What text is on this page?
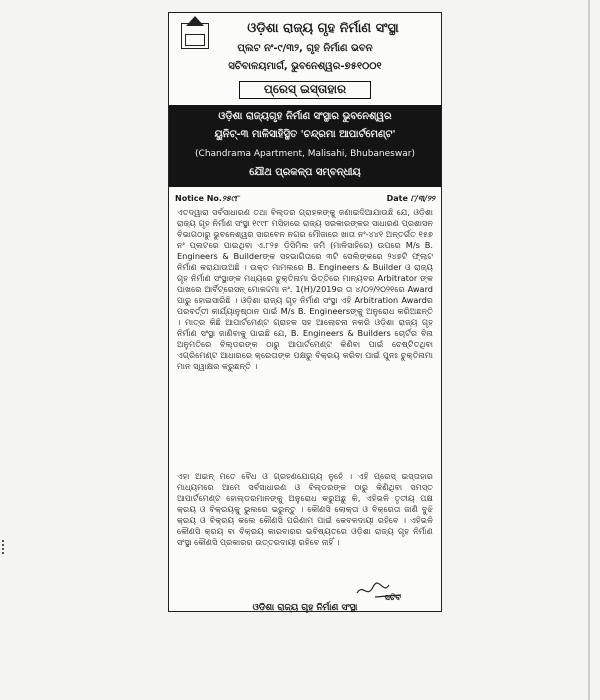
ଓଡ଼ିଶା ରାଜ୍ୟ ଗୃହ ନିର୍ମାଣ ସଂସ୍ଥା
ପ୍ଲଟ ନଂ-୯/୩୨, ଗୃହ ନିର୍ମାଣ ଭବନ
ସଚିବାଳୟମାର୍ଗ, ଭୁବନେଶ୍ୱର-୭୫୧୦୦୧
ପ୍ରେସ୍ ଇସ୍ତାହାର
ଓଡ଼ିଶା ରାଜ୍ୟଗୃହ ନିର୍ମାଣ ସଂସ୍ଥାର ଭୁବନେଶ୍ୱର
ୟୁନିଟ୍-୩ ମାଳିସାହିସ୍ଥିତ 'ଚନ୍ଦ୍ରମା ଆପାର୍ଟମେଣ୍ଟ'
(Chandrama Apartment, Malisahi, Bhubaneswar)
ଯୌଥ ପ୍ରକଳ୍ପ ସମ୍ବନ୍ଧୀୟ
Notice No.୨୫୯୮	Date ୮/୩/୨୨
ଏତଦ୍ୱାରା ସର୍ବସାଧାରଣ ତଥା ବିଲ୍ଡର ଗ୍ରାହକଙ୍କୁ ଜଣାଇଦିଆଯାଉଛି ଯେ, ଓଡ଼ିଶା ରାଜ୍ୟ ଗୃହ ନିର୍ମାଣ ସଂସ୍ଥା ୧୯୯୮ ମସିହାରେ ରାଜ୍ୟ ସରକାରଙ୍କର ସାଧାରଣ ପ୍ରଶାସନ ବିଭାଗଠାରୁ ଭୁବନେଶ୍ୱର ସାରବେନ ନଗର ମୌଜାରେ ଖାତା ନଂ-୪୪୧ ଅନ୍ତର୍ଗତ ୧୫୭ ନଂ ପ୍ଲଟରେ ପାଇଥିବା ଏ.୮୨୫ ଡ଼ିସିମିଲ ଜମି (ମାଳିସାହିରେ) ଉପରେ M/s B. Engineers & Builderଙ୍କ ସହଭାଗିତାରେ ୩ଟି ସେଲିଙ୍କରେ ୨୪୭ଟି ଫ୍ଲାଟ ନିର୍ମାଣ କରାଯାଉଅଛି । ଉକ୍ତ ମାମଲରେ B. Engineers & Builder ଓ ରାଜ୍ୟ ଗୃହ ନିର୍ମାଣ ସଂସ୍ଥାଙ୍କ ମଧ୍ୟରେ ଚୁକ୍ତିନାମା ଭିତ୍ତିରେ ମାନ୍ୟବର Arbitrator ଙ୍କ ପାଖରେ ଆର୍ବିଟ୍ରେସନ୍ ମୋକଦ୍ଦମା ନଂ. 1(H)/2019ର ତା ୪/୦୨/୨୦୨୧ରେ Award ପାରୁ ହୋଇସାରିଛି । ଓଡ଼ିଶା ରାଜ୍ୟ ଗୃହ ନିର୍ମାଣ ସଂସ୍ଥା ଏହି Arbitration Awardର ପରବର୍ତ୍ତୀ କାର୍ଯ୍ୟାନୁଷ୍ଠାନ ପାଇଁ M/s B. Engineersଙ୍କୁ ଅନୁରୋଧ କରିଅଛନ୍ତି । ମାତ୍ର କିଛି ଆପାର୍ଟମେଣ୍ଟ ଗ୍ରାହକ ସହ ଆଲୋଚନା ନକରି ଓଡ଼ିଶା ରାଜ୍ୟ ଗୃହ ନିର୍ମାଣ ସଂସ୍ଥା ଜାଣିବାକୁ ପାଇଛି ଯେ, B. Engineers & Builders ଚୋର୍ଟର ବିନା ଅନୁମତିରେ ବିଲ୍ଡରଙ୍କ ଠାରୁ ଆପାର୍ଟମେଣ୍ଟ କିଣିବା ପାଇଁ ଚେଷ୍ଟିତଥିବା ଏଗ୍ରିମେଣ୍ଟ ଆଧାରରେ କ୍ରେତାଙ୍କ ପକ୍ଷରୁ ବିକ୍ରୟ କରିବା ପାଇଁ ପୁନଃ ଚୁକ୍ତିନାମା ମାନ ସ୍ୱାକ୍ଷର କରୁଛନ୍ତି ।
ଏହା ଅଇନ୍ ମତେ ବୈଧ ଓ ଗ୍ରହଣଯୋଗ୍ୟ ନୁହେଁ । ଏହି ପ୍ରେସ୍ ଇସ୍ତାହାର ମାଧ୍ୟମରେ ଆମେ ସର୍ବସାଧାରଣ ଓ ବିଲ୍ଡରଙ୍କ ଠାରୁ କିଣିଥିବା ସମସ୍ତ ଆପାର୍ଟମେଣ୍ଟ ହୋଲ୍ଡରମାନଙ୍କୁ ଅନୁରୋଧ କରୁଅଛୁ କି, ଏହିଭଳି ତୃତୀୟ ପକ୍ଷ କ୍ରୟ ଓ ବିକ୍ରୟକୁ ଭୁଲରେ ଭରୁନ୍ତୁ । କୌଣସି ଲୋକ୍ତା ଓ ବିକ୍ରେତା ଜାଣି ବୁଝି କ୍ରୟ ଓ ବିକ୍ରୟ କଲେ କୌଣସି ପରିଣାମ ପାଇଁ କେବଳଦାୟୀ ରହିବେ । ଏହିଭଳି କୌଣସି କ୍ରୟ ବା ବିକ୍ରୟ କାରବାରର ଭବିଷ୍ୟତରେ ଓଡ଼ିଶା ରାଜ୍ୟ ଗୃହ ନିର୍ମାଣ ସଂସ୍ଥା କୌଣସି ପ୍ରକାରର ଉତ୍ତରଦାୟୀ ରହିବେ ନାହିଁ ।
ସଚିବ
ଓଡ଼ିଶା ରାଜ୍ୟ ଗୃହ ନିର୍ମାଣ ସଂସ୍ଥା
